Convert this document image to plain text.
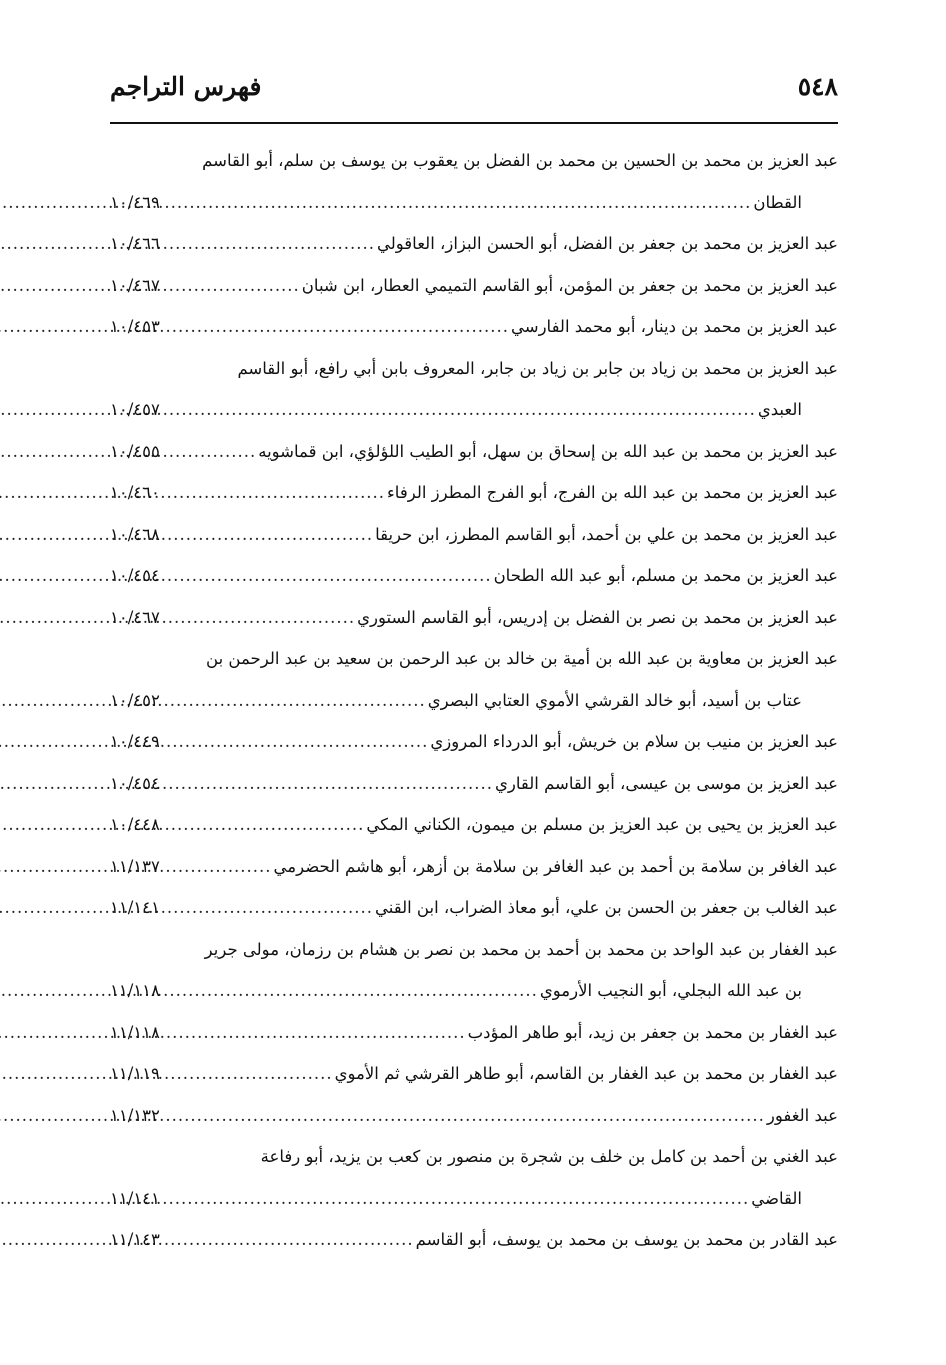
٥٤٨
فهرس التراجم
عبد العزيز بن محمد بن الحسين بن محمد بن الفضل بن يعقوب بن يوسف بن سلم، أبو القاسم
القطان
.....
١٠/٤٦٩
عبد العزيز بن محمد بن جعفر بن الفضل، أبو الحسن البزاز، العاقولي
.....
١٠/٤٦٦
عبد العزيز بن محمد بن جعفر بن المؤمن، أبو القاسم التميمي العطار، ابن شبان
.....
١٠/٤٦٧
عبد العزيز بن محمد بن دينار، أبو محمد الفارسي
.....
١٠/٤٥٣
عبد العزيز بن محمد بن زياد بن جابر بن زياد بن جابر، المعروف بابن أبي رافع، أبو القاسم
العبدي
.....
١٠/٤٥٧
عبد العزيز بن محمد بن عبد الله بن إسحاق بن سهل، أبو الطيب اللؤلؤي، ابن قماشويه
.....
١٠/٤٥٥
عبد العزيز بن محمد بن عبد الله بن الفرج، أبو الفرج المطرز الرفاء
.....
١٠/٤٦٠
عبد العزيز بن محمد بن علي بن أحمد، أبو القاسم المطرز، ابن حريقا
.....
١٠/٤٦٨
عبد العزيز بن محمد بن مسلم، أبو عبد الله الطحان
.....
١٠/٤٥٤
عبد العزيز بن محمد بن نصر بن الفضل بن إدريس، أبو القاسم الستوري
.....
١٠/٤٦٧
عبد العزيز بن معاوية بن عبد الله بن أمية بن خالد بن عبد الرحمن بن سعيد بن عبد الرحمن بن
عتاب بن أسيد، أبو خالد القرشي الأموي العتابي البصري
.....
١٠/٤٥٢
عبد العزيز بن منيب بن سلام بن خريش، أبو الدرداء المروزي
.....
١٠/٤٤٩
عبد العزيز بن موسى بن عيسى، أبو القاسم القاري
.....
١٠/٤٥٤
عبد العزيز بن يحيى بن عبد العزيز بن مسلم بن ميمون، الكناني المكي
.....
١٠/٤٤٨
عبد الغافر بن سلامة بن أحمد بن عبد الغافر بن سلامة بن أزهر، أبو هاشم الحضرمي
.....
١١/١٣٧
عبد الغالب بن جعفر بن الحسن بن علي، أبو معاذ الضراب، ابن القني
.....
١١/١٤١
عبد الغفار بن عبد الواحد بن محمد بن أحمد بن محمد بن نصر بن هشام بن رزمان، مولى جرير
بن عبد الله البجلي، أبو النجيب الأرموي
.....
١١/١١٨
عبد الغفار بن محمد بن جعفر بن زيد، أبو طاهر المؤدب
.....
١١/١١٨
عبد الغفار بن محمد بن عبد الغفار بن القاسم، أبو طاهر القرشي ثم الأموي
.....
١١/١١٩
عبد الغفور
.....
١١/١٣٢
عبد الغني بن أحمد بن كامل بن خلف بن شجرة بن منصور بن كعب بن يزيد، أبو رفاعة
القاضي
.....
١١/١٤١
عبد القادر بن محمد بن يوسف بن محمد بن يوسف، أبو القاسم
.....
١١/١٤٣
